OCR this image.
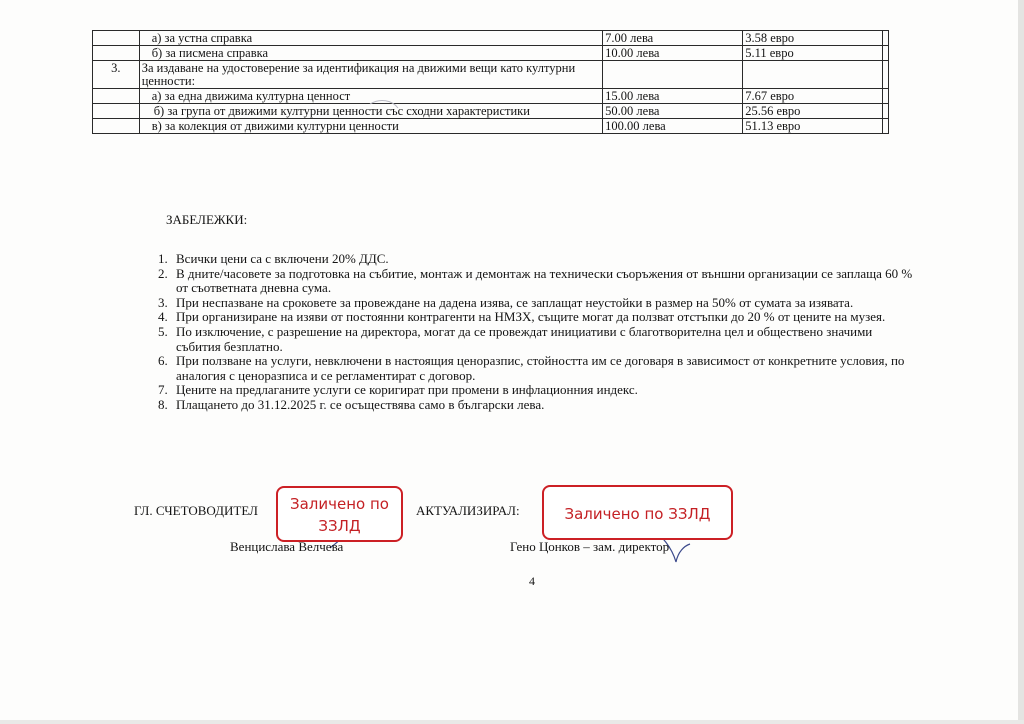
	а) за устна справка	7.00 лева	3.58 евро	

	б) за писмена справка	10.00 лева	5.11 евро	
3.	За издаване на удостоверение за идентификация на движими вещи като културни ценности:			

	а) за една движима културна ценност	15.00 лева	7.67 евро	

	б) за група от движими културни ценности със сходни характеристики	50.00 лева	25.56 евро	

	в) за колекция от движими културни ценности	100.00 лева	51.13 евро	
ЗАБЕЛЕЖКИ:
1. Всички цени са с включени 20% ДДС.
2. В дните/часовете за подготовка на събитие, монтаж и демонтаж на технически съоръжения от външни организации се заплаща 60 % от съответната дневна сума.
3. При неспазване на сроковете за провеждане на дадена изява, се заплащат неустойки в размер на 50% от сумата за изявата.
4. При организиране на изяви от постоянни контрагенти на НМЗХ, същите могат да ползват отстъпки до 20 % от цените на музея.
5. По изключение, с разрешение на директора, могат да се провеждат инициативи с благотворителна цел и обществено значими събития безплатно.
6. При ползване на услуги, невключени в настоящия ценоразпис, стойността им се договаря в зависимост от конкретните условия, по аналогия с ценоразписа и се регламентират с договор.
7. Цените на предлаганите услуги се коригират при промени в инфлационния индекс.
8. Плащането до 31.12.2025 г. се осъществява само в български лева.
ГЛ. СЧЕТОВОДИТЕЛ	Заличено по ЗЗЛД
Венцислава Велчева
АКТУАЛИЗИРАЛ:	Заличено по ЗЗЛД
Гено Цонков – зам. директор
4
